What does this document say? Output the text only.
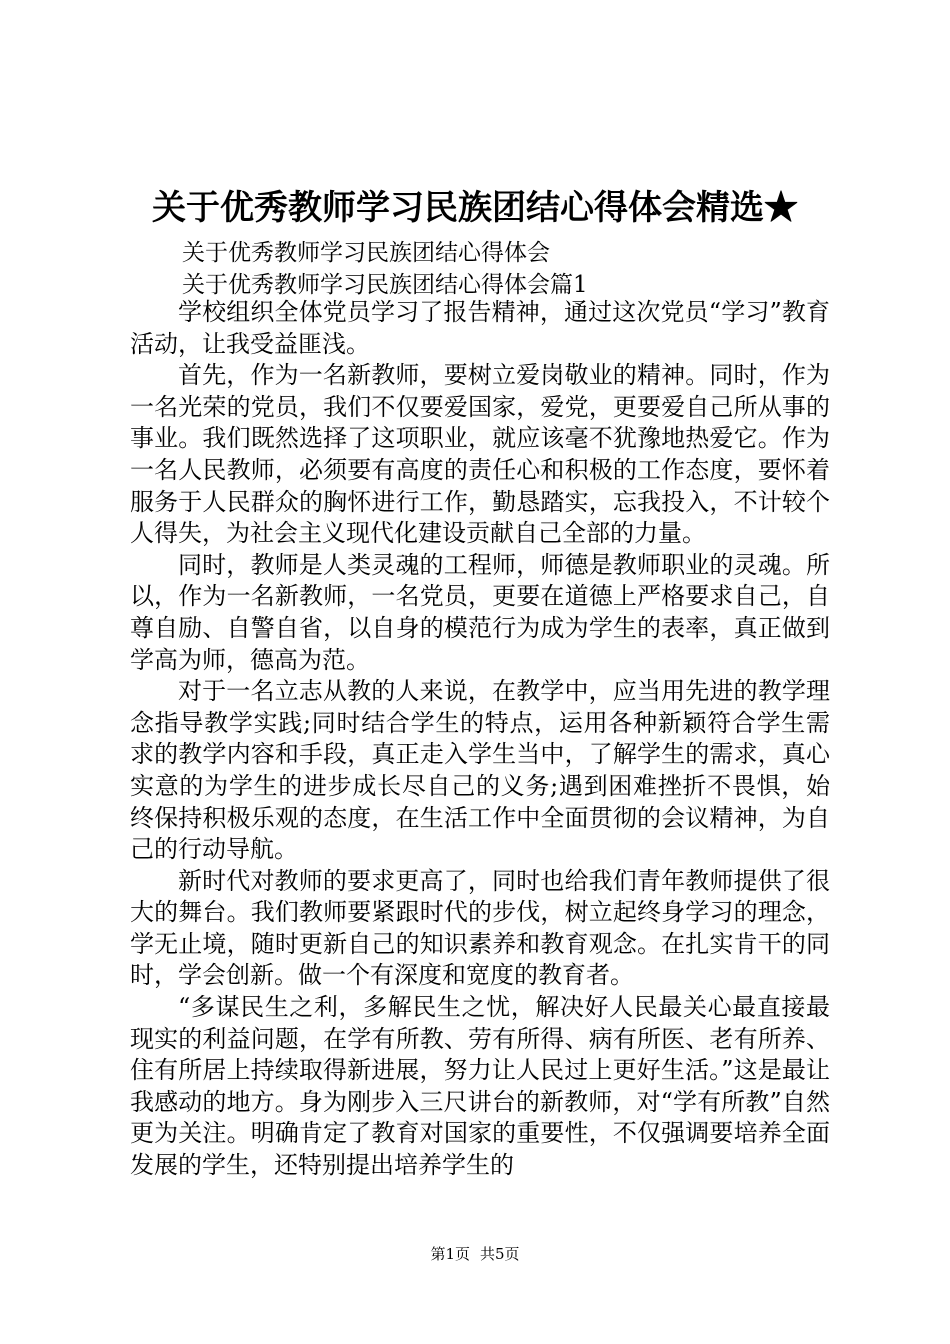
关于优秀教师学习民族团结心得体会精选★
关于优秀教师学习民族团结心得体会
关于优秀教师学习民族团结心得体会篇1

学校组织全体党员学习了报告精神，通过这次党员“学习”教育活动，让我受益匪浅。

首先，作为一名新教师，要树立爱岗敬业的精神。同时，作为一名光荣的党员，我们不仅要爱国家，爱党，更要爱自己所从事的事业。我们既然选择了这项职业，就应该毫不犹豫地热爱它。作为一名人民教师，必须要有高度的责任心和积极的工作态度，要怀着服务于人民群众的胸怀进行工作，勤恳踏实，忘我投入，不计较个人得失，为社会主义现代化建设贡献自己全部的力量。

同时，教师是人类灵魂的工程师，师德是教师职业的灵魂。所以，作为一名新教师，一名党员，更要在道德上严格要求自己，自尊自励、自警自省，以自身的模范行为成为学生的表率，真正做到学高为师，德高为范。

对于一名立志从教的人来说，在教学中，应当用先进的教学理念指导教学实践;同时结合学生的特点，运用各种新颖符合学生需求的教学内容和手段，真正走入学生当中，了解学生的需求，真心实意的为学生的进步成长尽自己的义务;遇到困难挫折不畏惧，始终保持积极乐观的态度，在生活工作中全面贯彻的会议精神，为自己的行动导航。

新时代对教师的要求更高了，同时也给我们青年教师提供了很大的舞台。我们教师要紧跟时代的步伐，树立起终身学习的理念，学无止境，随时更新自己的知识素养和教育观念。在扎实肯干的同时，学会创新。做一个有深度和宽度的教育者。

“多谋民生之利，多解民生之忧，解决好人民最关心最直接最现实的利益问题，在学有所教、劳有所得、病有所医、老有所养、住有所居上持续取得新进展，努力让人民过上更好生活。”这是最让我感动的地方。身为刚步入三尺讲台的新教师，对“学有所教”自然更为关注。明确肯定了教育对国家的重要性，不仅强调要培养全面发展的学生，还特别提出培养学生的

第1页 共5页
